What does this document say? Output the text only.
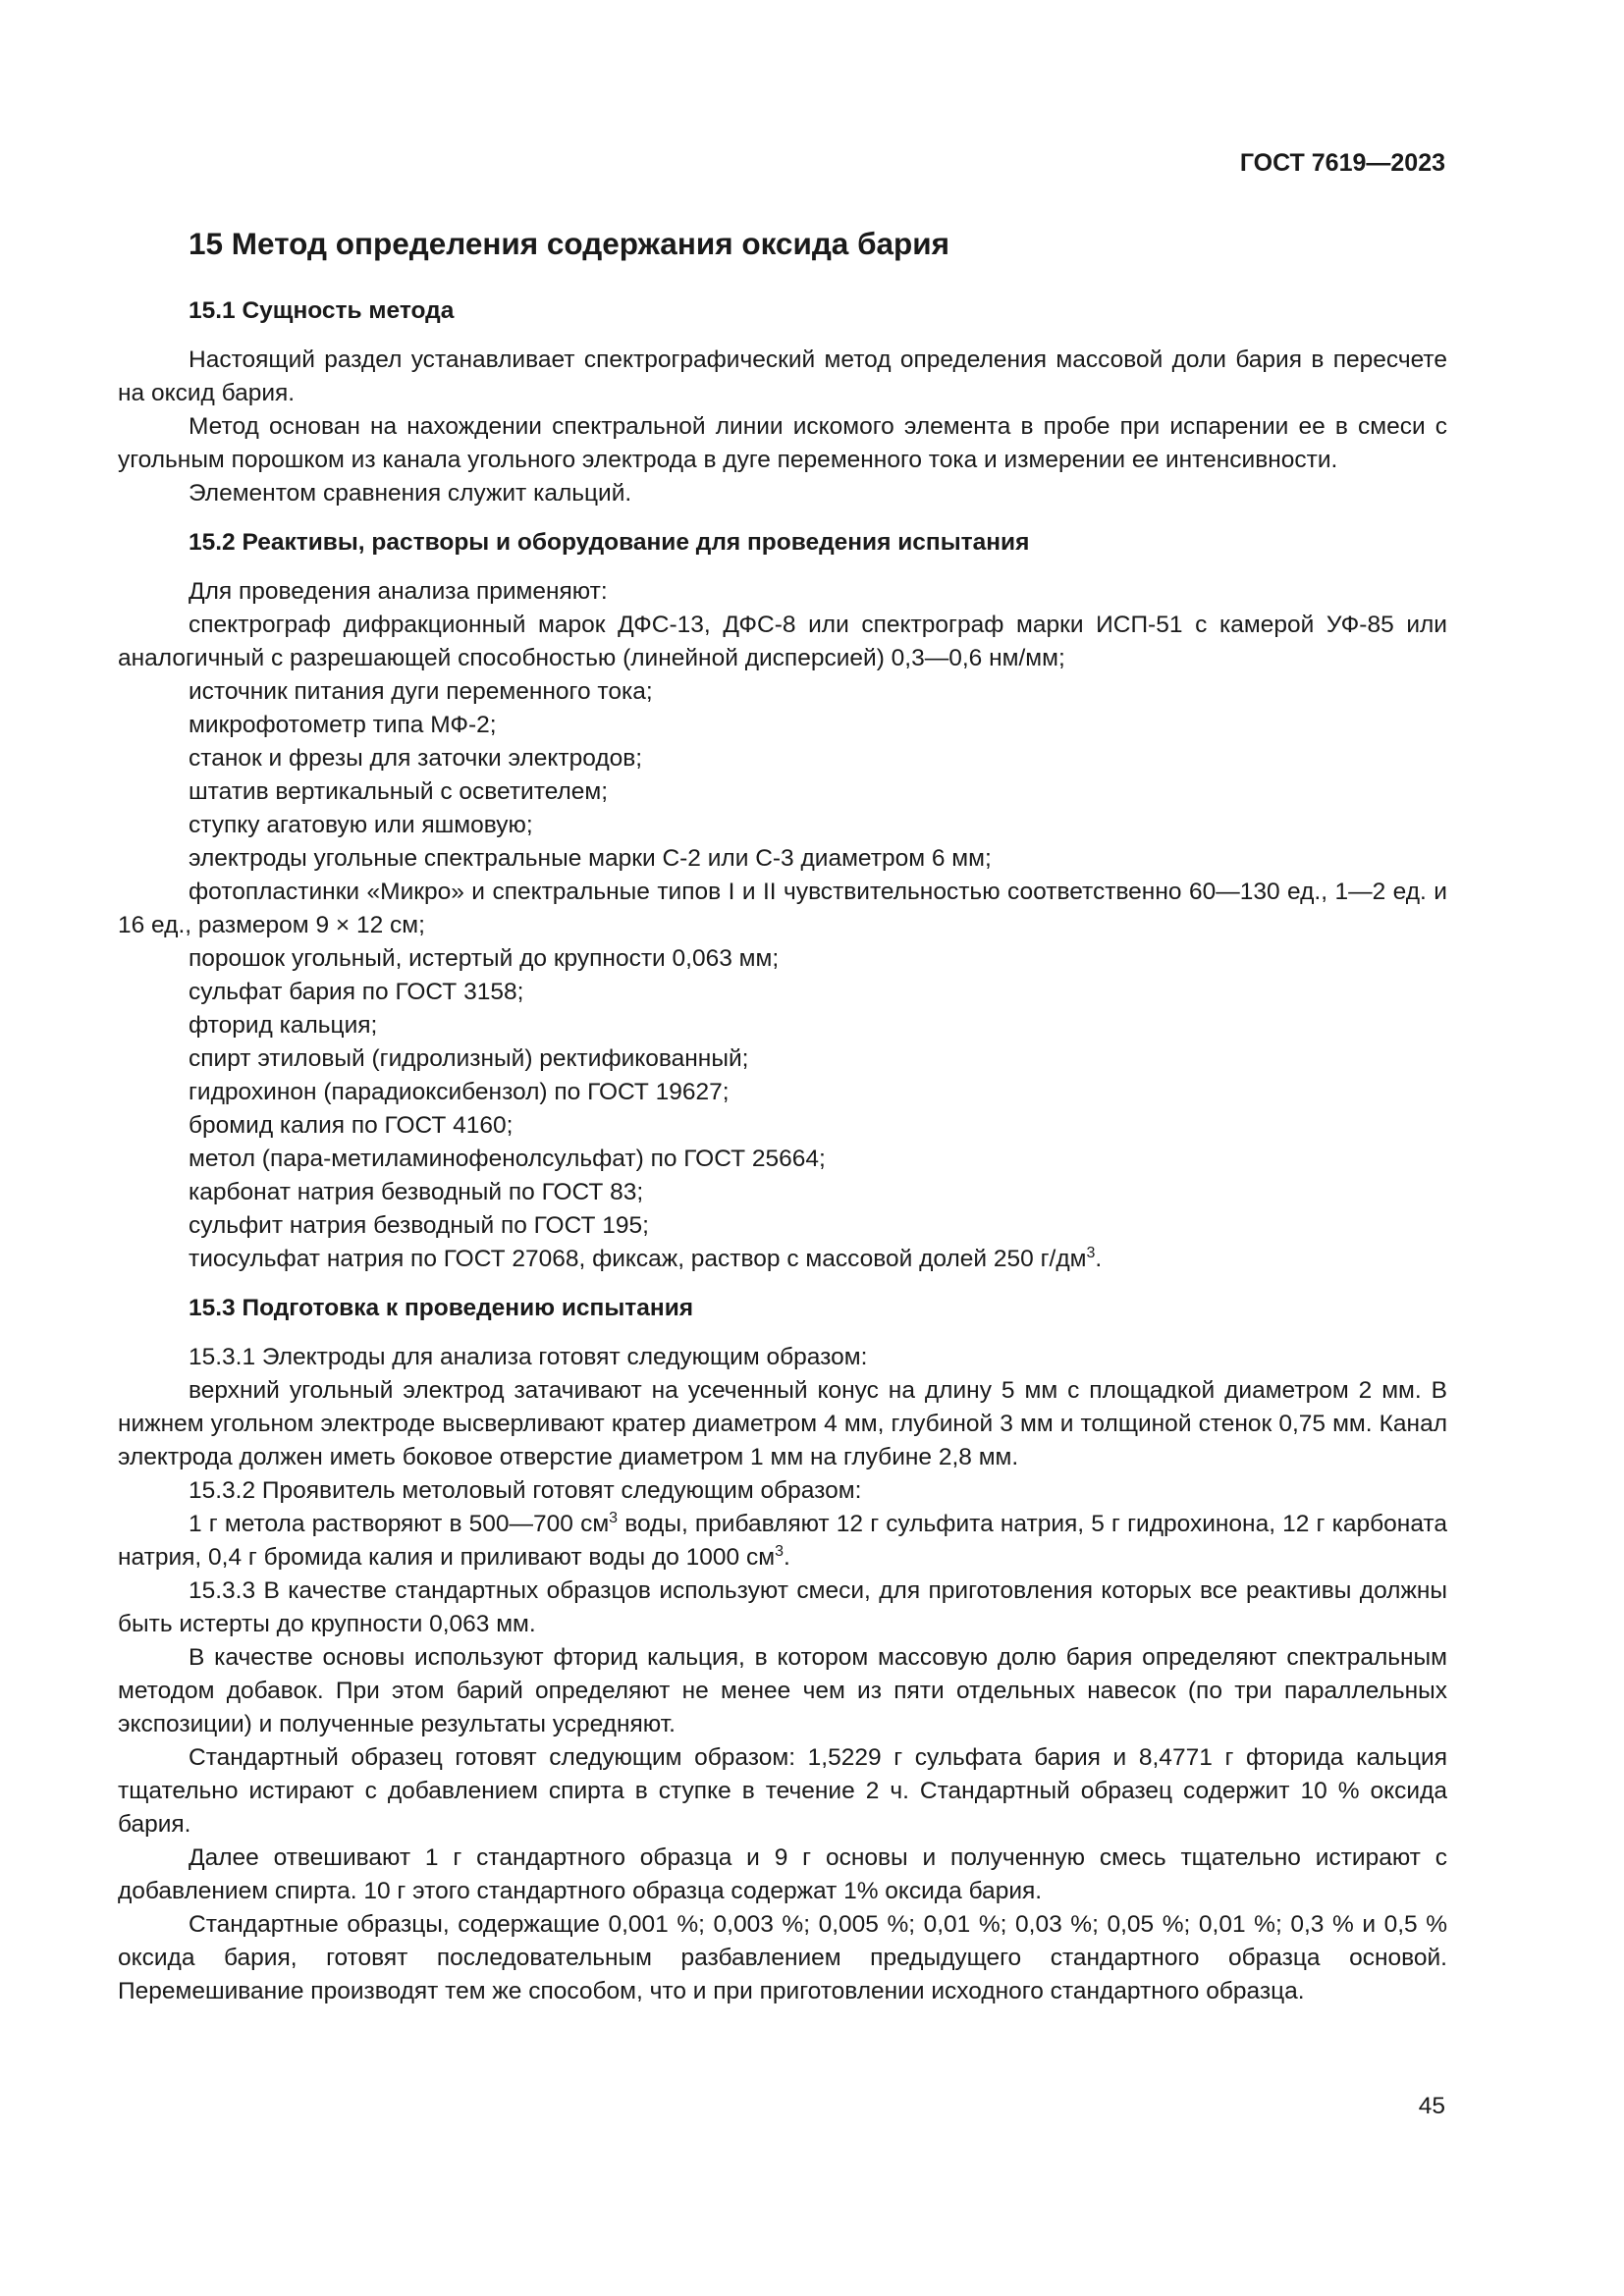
ГОСТ 7619—2023
15 Метод определения содержания оксида бария
15.1 Сущность метода

Настоящий раздел устанавливает спектрографический метод определения массовой доли бария в пересчете на оксид бария.

Метод основан на нахождении спектральной линии искомого элемента в пробе при испарении ее в смеси с угольным порошком из канала угольного электрода в дуге переменного тока и измерении ее интенсивности.

Элементом сравнения служит кальций.

15.2 Реактивы, растворы и оборудование для проведения испытания

Для проведения анализа применяют:

спектрограф дифракционный марок ДФС-13, ДФС-8 или спектрограф марки ИСП-51 с камерой УФ-85 или аналогичный с разрешающей способностью (линейной дисперсией) 0,3—0,6 нм/мм;
источник питания дуги переменного тока;
микрофотометр типа МФ-2;
станок и фрезы для заточки электродов;
штатив вертикальный с осветителем;
ступку агатовую или яшмовую;
электроды угольные спектральные марки С-2 или С-3 диаметром 6 мм;
фотопластинки «Микро» и спектральные типов I и II чувствительностью соответственно 60—130 ед., 1—2 ед. и 16 ед., размером 9 × 12 см;
порошок угольный, истертый до крупности 0,063 мм;
сульфат бария по ГОСТ 3158;
фторид кальция;
спирт этиловый (гидролизный) ректификованный;
гидрохинон (парадиоксибензол) по ГОСТ 19627;
бромид калия по ГОСТ 4160;
метол (пара-метиламинофенолсульфат) по ГОСТ 25664;
карбонат натрия безводный по ГОСТ 83;
сульфит натрия безводный по ГОСТ 195;
тиосульфат натрия по ГОСТ 27068, фиксаж, раствор с массовой долей 250 $г/дм^3$.
15.3 Подготовка к проведению испытания

15.3.1 Электроды для анализа готовят следующим образом:

верхний угольный электрод затачивают на усеченный конус на длину 5 мм с площадкой диаметром 2 мм. В нижнем угольном электроде высверливают кратер диаметром 4 мм, глубиной 3 мм и толщиной стенок 0,75 мм. Канал электрода должен иметь боковое отверстие диаметром 1 мм на глубине 2,8 мм.

15.3.2 Проявитель метоловый готовят следующим образом:

1 г метола растворяют в 500—700 $см^3$ воды, прибавляют 12 г сульфита натрия, 5 г гидрохинона, 12 г карбоната натрия, 0,4 г бромида калия и приливают воды до 1000 $см^3$.

15.3.3 В качестве стандартных образцов используют смеси, для приготовления которых все реактивы должны быть истерты до крупности 0,063 мм.

В качестве основы используют фторид кальция, в котором массовую долю бария определяют спектральным методом добавок. При этом барий определяют не менее чем из пяти отдельных навесок (по три параллельных экспозиции) и полученные результаты усредняют.

Стандартный образец готовят следующим образом: 1,5229 г сульфата бария и 8,4771 г фторида кальция тщательно истирают с добавлением спирта в ступке в течение 2 ч. Стандартный образец содержит 10 % оксида бария.

Далее отвешивают 1 г стандартного образца и 9 г основы и полученную смесь тщательно истирают с добавлением спирта. 10 г этого стандартного образца содержат 1% оксида бария.

Стандартные образцы, содержащие 0,001 %; 0,003 %; 0,005 %; 0,01 %; 0,03 %; 0,05 %; 0,01 %; 0,3 % и 0,5 % оксида бария, готовят последовательным разбавлением предыдущего стандартного образца основой. Перемешивание производят тем же способом, что и при приготовлении исходного стандартного образца.

45
